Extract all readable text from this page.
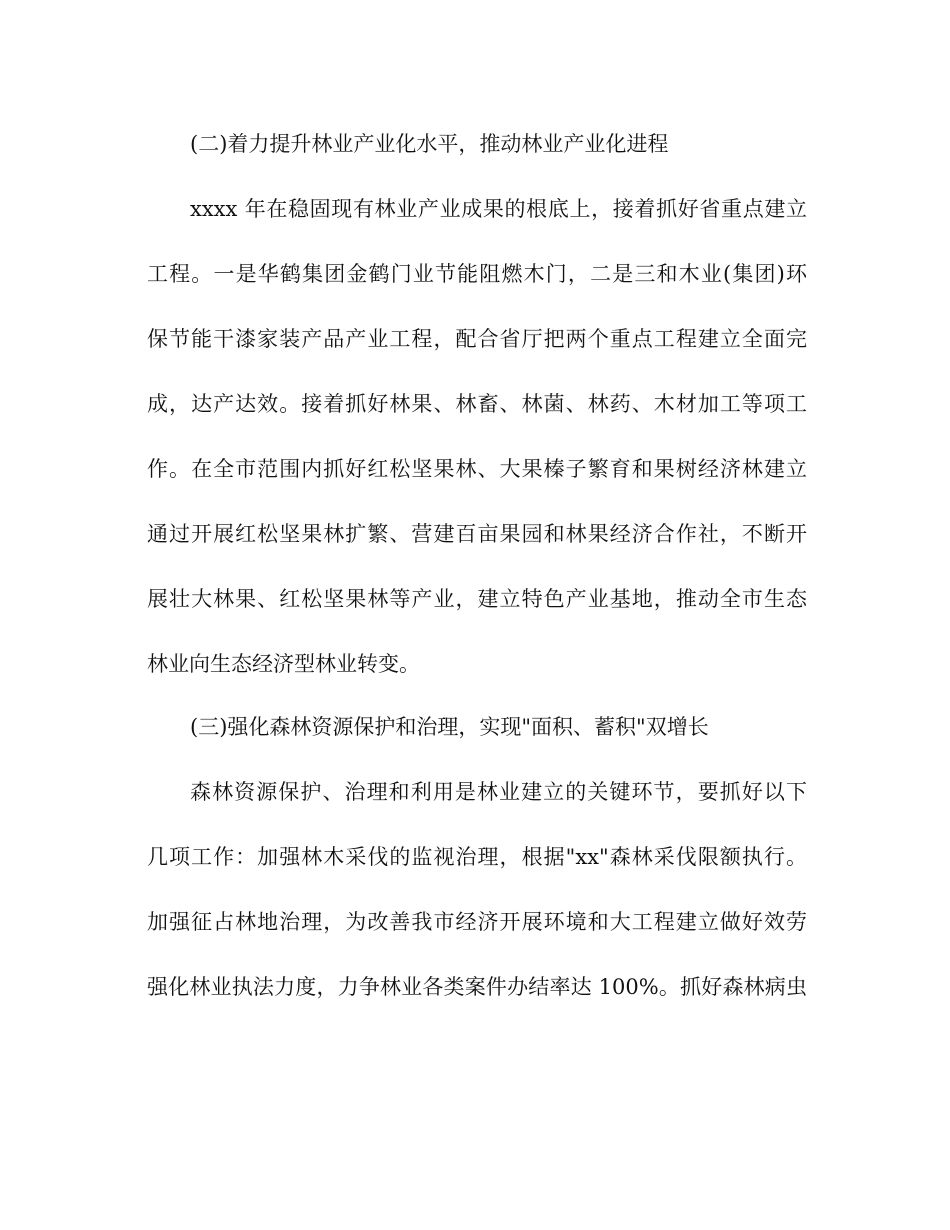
(二)着力提升林业产业化水平，推动林业产业化进程
xxxx 年在稳固现有林业产业成果的根底上，接着抓好省重点建立
工程。一是华鹤集团金鹤门业节能阻燃木门，二是三和木业(集团)环
保节能干漆家装产品产业工程，配合省厅把两个重点工程建立全面完
成，达产达效。接着抓好林果、林畜、林菌、林药、木材加工等项工
作。在全市范围内抓好红松坚果林、大果榛子繁育和果树经济林建立
通过开展红松坚果林扩繁、营建百亩果园和林果经济合作社，不断开
展壮大林果、红松坚果林等产业，建立特色产业基地，推动全市生态
林业向生态经济型林业转变。
(三)强化森林资源保护和治理，实现"面积、蓄积"双增长
森林资源保护、治理和利用是林业建立的关键环节，要抓好以下
几项工作：加强林木采伐的监视治理，根据"xx"森林采伐限额执行。
加强征占林地治理，为改善我市经济开展环境和大工程建立做好效劳
强化林业执法力度，力争林业各类案件办结率达 100%。抓好森林病虫
